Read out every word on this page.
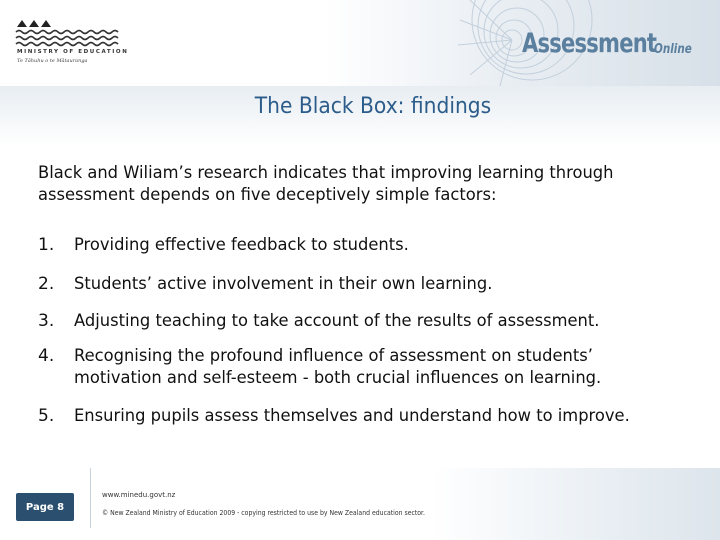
MINISTRY OF EDUCATION
Te Tāhuhu o te Mātauranga
Assessment
Online
The Black Box: findings
Black and Wiliam’s research indicates that improving learning through assessment depends on five deceptively simple factors:
1. Providing effective feedback to students.
2. Students’ active involvement in their own learning.
3. Adjusting teaching to take account of the results of assessment.
4. Recognising the profound influence of assessment on students’ motivation and self-esteem - both crucial influences on learning.
5. Ensuring pupils assess themselves and understand how to improve.
Page 8
www.minedu.govt.nz
© New Zealand Ministry of Education 2009 - copying restricted to use by New Zealand education sector.
